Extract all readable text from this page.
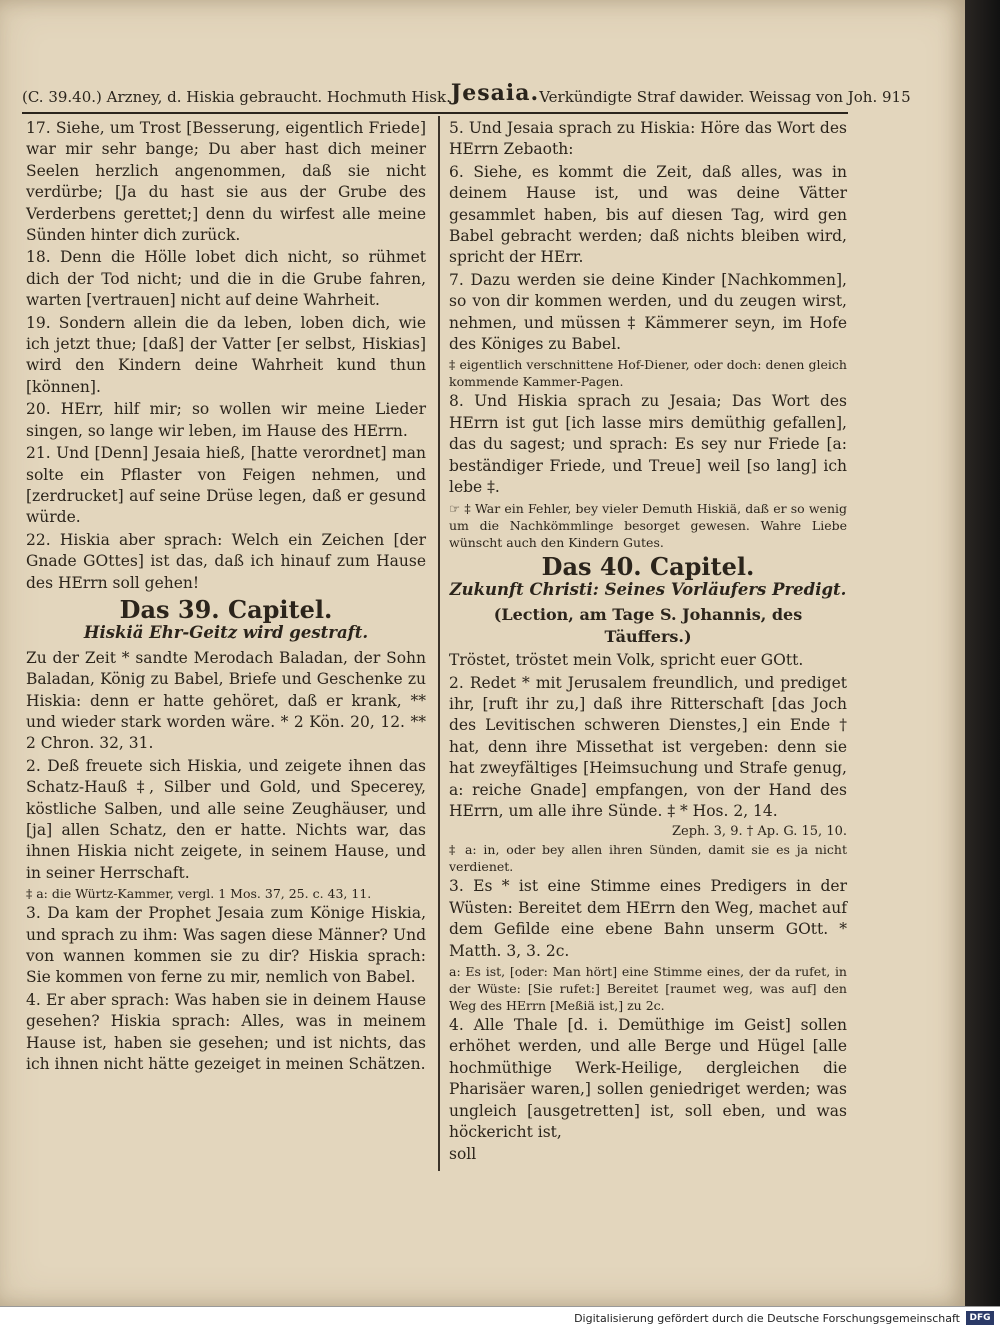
(C. 39.40.) Arzney, d. Hiskia gebraucht. Hochmuth Hisk. Jesaia. Verkündigte Straf dawider. Weissag von Joh. 915

17. Siehe, um Trost [Besserung, eigentlich Friede] war mir sehr bange; Du aber hast dich meiner Seelen herzlich angenommen, daß sie nicht verdürbe; [Ja du hast sie aus der Grube des Verderbens gerettet;] denn du wirfest alle meine Sünden hinter dich zurück.

18. Denn die Hölle lobet dich nicht, so rühmet dich der Tod nicht; und die in die Grube fahren, warten [vertrauen] nicht auf deine Wahrheit.

19. Sondern allein die da leben, loben dich, wie ich jetzt thue; [daß] der Vatter [er selbst, Hiskias] wird den Kindern deine Wahrheit kund thun [können].

20. HErr, hilf mir; so wollen wir meine Lieder singen, so lange wir leben, im Hause des HErrn.

21. Und [Denn] Jesaia hieß, [hatte verordnet] man solte ein Pflaster von Feigen nehmen, und [zerdrucket] auf seine Drüse legen, daß er gesund würde.

22. Hiskia aber sprach: Welch ein Zeichen [der Gnade GOttes] ist das, daß ich hinauf zum Hause des HErrn soll gehen!

Das 39. Capitel.
Hiskiä Ehr-Geitz wird gestraft.

Zu der Zeit * sandte Merodach Baladan, der Sohn Baladan, König zu Babel, Briefe und Geschenke zu Hiskia: denn er hatte gehöret, daß er krank, ** und wieder stark worden wäre. * 2 Kön. 20, 12. ** 2 Chron. 32, 31.

2. Deß freuete sich Hiskia, und zeigete ihnen das Schatz-Hauß ‡, Silber und Gold, und Specerey, köstliche Salben, und alle seine Zeughäuser, und [ja] allen Schatz, den er hatte. Nichts war, das ihnen Hiskia nicht zeigete, in seinem Hause, und in seiner Herrschaft.

‡ a: die Würtz-Kammer, vergl. 1 Mos. 37, 25. c. 43, 11.

3. Da kam der Prophet Jesaia zum Könige Hiskia, und sprach zu ihm: Was sagen diese Männer? Und von wannen kommen sie zu dir? Hiskia sprach: Sie kommen von ferne zu mir, nemlich von Babel.

4. Er aber sprach: Was haben sie in deinem Hause gesehen? Hiskia sprach: Alles, was in meinem Hause ist, haben sie gesehen; und ist nichts, das ich ihnen nicht hätte gezeiget in meinen Schätzen.

5. Und Jesaia sprach zu Hiskia: Höre das Wort des HErrn Zebaoth:

6. Siehe, es kommt die Zeit, daß alles, was in deinem Hause ist, und was deine Vätter gesammlet haben, bis auf diesen Tag, wird gen Babel gebracht werden; daß nichts bleiben wird, spricht der HErr.

7. Dazu werden sie deine Kinder [Nachkommen], so von dir kommen werden, und du zeugen wirst, nehmen, und müssen ‡ Kämmerer seyn, im Hofe des Königes zu Babel.

‡ eigentlich verschnittene Hof-Diener, oder doch: denen gleich kommende Kammer-Pagen.

8. Und Hiskia sprach zu Jesaia; Das Wort des HErrn ist gut [ich lasse mirs demüthig gefallen], das du sagest; und sprach: Es sey nur Friede [a: beständiger Friede, und Treue] weil [so lang] ich lebe ‡.

☞ ‡ War ein Fehler, bey vieler Demuth Hiskiä, daß er so wenig um die Nachkömmlinge besorget gewesen. Wahre Liebe wünscht auch den Kindern Gutes.

Das 40. Capitel.
Zukunft Christi: Seines Vorläufers Predigt.

(Lection, am Tage S. Johannis, des Täuffers.)

Tröstet, tröstet mein Volk, spricht euer GOtt.

2. Redet * mit Jerusalem freundlich, und prediget ihr, [ruft ihr zu,] daß ihre Ritterschaft [das Joch des Levitischen schweren Dienstes,] ein Ende † hat, denn ihre Missethat ist vergeben: denn sie hat zweyfältiges [Heimsuchung und Strafe genug, a: reiche Gnade] empfangen, von der Hand des HErrn, um alle ihre Sünde. ‡ * Hos. 2, 14.

Zeph. 3, 9. † Ap. G. 15, 10.

‡ a: in, oder bey allen ihren Sünden, damit sie es ja nicht verdienet.

3. Es * ist eine Stimme eines Predigers in der Wüsten: Bereitet dem HErrn den Weg, machet auf dem Gefilde eine ebene Bahn unserm GOtt. * Matth. 3, 3. 2c.

a: Es ist, [oder: Man hört] eine Stimme eines, der da rufet, in der Wüste: [Sie rufet:] Bereitet [raumet weg, was auf] den Weg des HErrn [Meßiä ist,] zu 2c.

4. Alle Thale [d. i. Demüthige im Geist] sollen erhöhet werden, und alle Berge und Hügel [alle hochmüthige Werk-Heilige, dergleichen die Pharisäer waren,] sollen geniedriget werden; was ungleich [ausgetretten] ist, soll eben, und was höckericht ist,

soll

Digitalisierung gefördert durch die Deutsche Forschungsgemeinschaft	DFG
